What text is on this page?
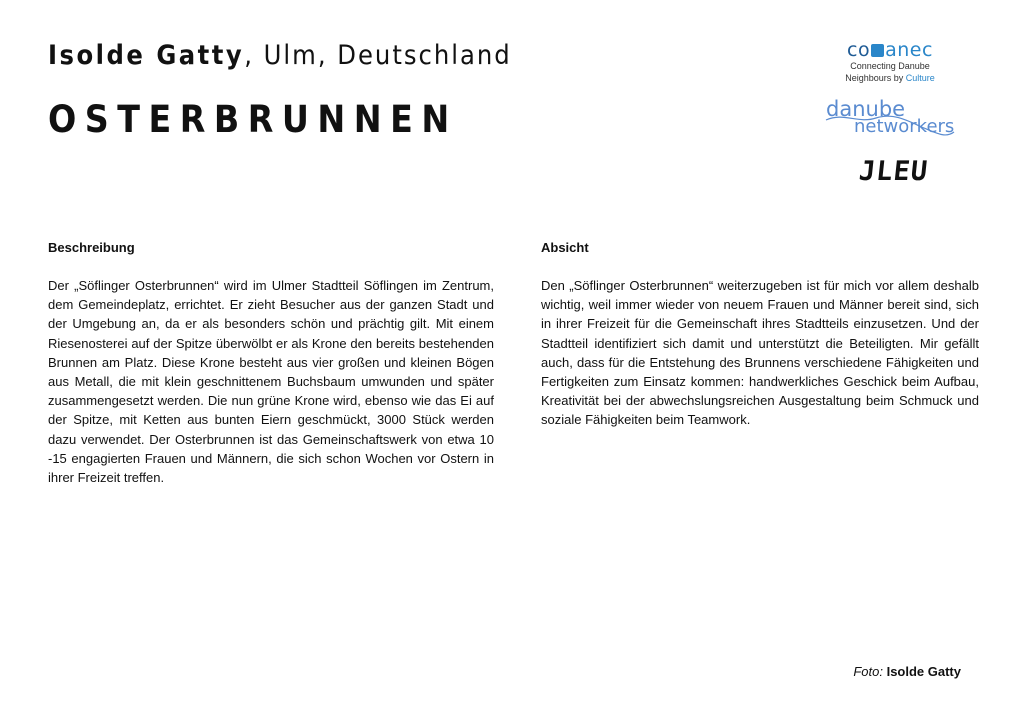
Isolde Gatty, Ulm, Deutschland
OSTERBRUNNEN
co anec
Connecting Danube
Neighbours by Culture
danube
networkers
JLEU
Beschreibung

Der „Söflinger Osterbrunnen“ wird im Ulmer Stadtteil Söflingen im Zentrum, dem Gemeindeplatz, errichtet. Er zieht Besucher aus der ganzen Stadt und der Umgebung an, da er als besonders schön und prächtig gilt. Mit einem Riesenosterei auf der Spitze überwölbt er als Krone den bereits bestehenden Brunnen am Platz. Diese Krone besteht aus vier großen und kleinen Bögen aus Metall, die mit klein geschnittenem Buchsbaum umwunden und später zusammengesetzt werden. Die nun grüne Krone wird, ebenso wie das Ei auf der Spitze, mit Ketten aus bunten Eiern geschmückt, 3000 Stück werden dazu verwendet. Der Osterbrunnen ist das Gemeinschaftswerk von etwa 10 -15 engagierten Frauen und Männern, die sich schon Wochen vor Ostern in ihrer Freizeit treffen.

Absicht

Den „Söflinger Osterbrunnen“ weiterzugeben ist für mich vor allem deshalb wichtig, weil immer wieder von neuem Frauen und Männer bereit sind, sich in ihrer Freizeit für die Gemeinschaft ihres Stadtteils einzusetzen. Und der Stadtteil identifiziert sich damit und unterstützt die Beteiligten. Mir gefällt auch, dass für die Entstehung des Brunnens verschiedene Fähigkeiten und Fertigkeiten zum Einsatz kommen: handwerkliches Geschick beim Aufbau, Kreativität bei der abwechslungsreichen Ausgestaltung beim Schmuck und soziale Fähigkeiten beim Teamwork.

Foto: Isolde Gatty
